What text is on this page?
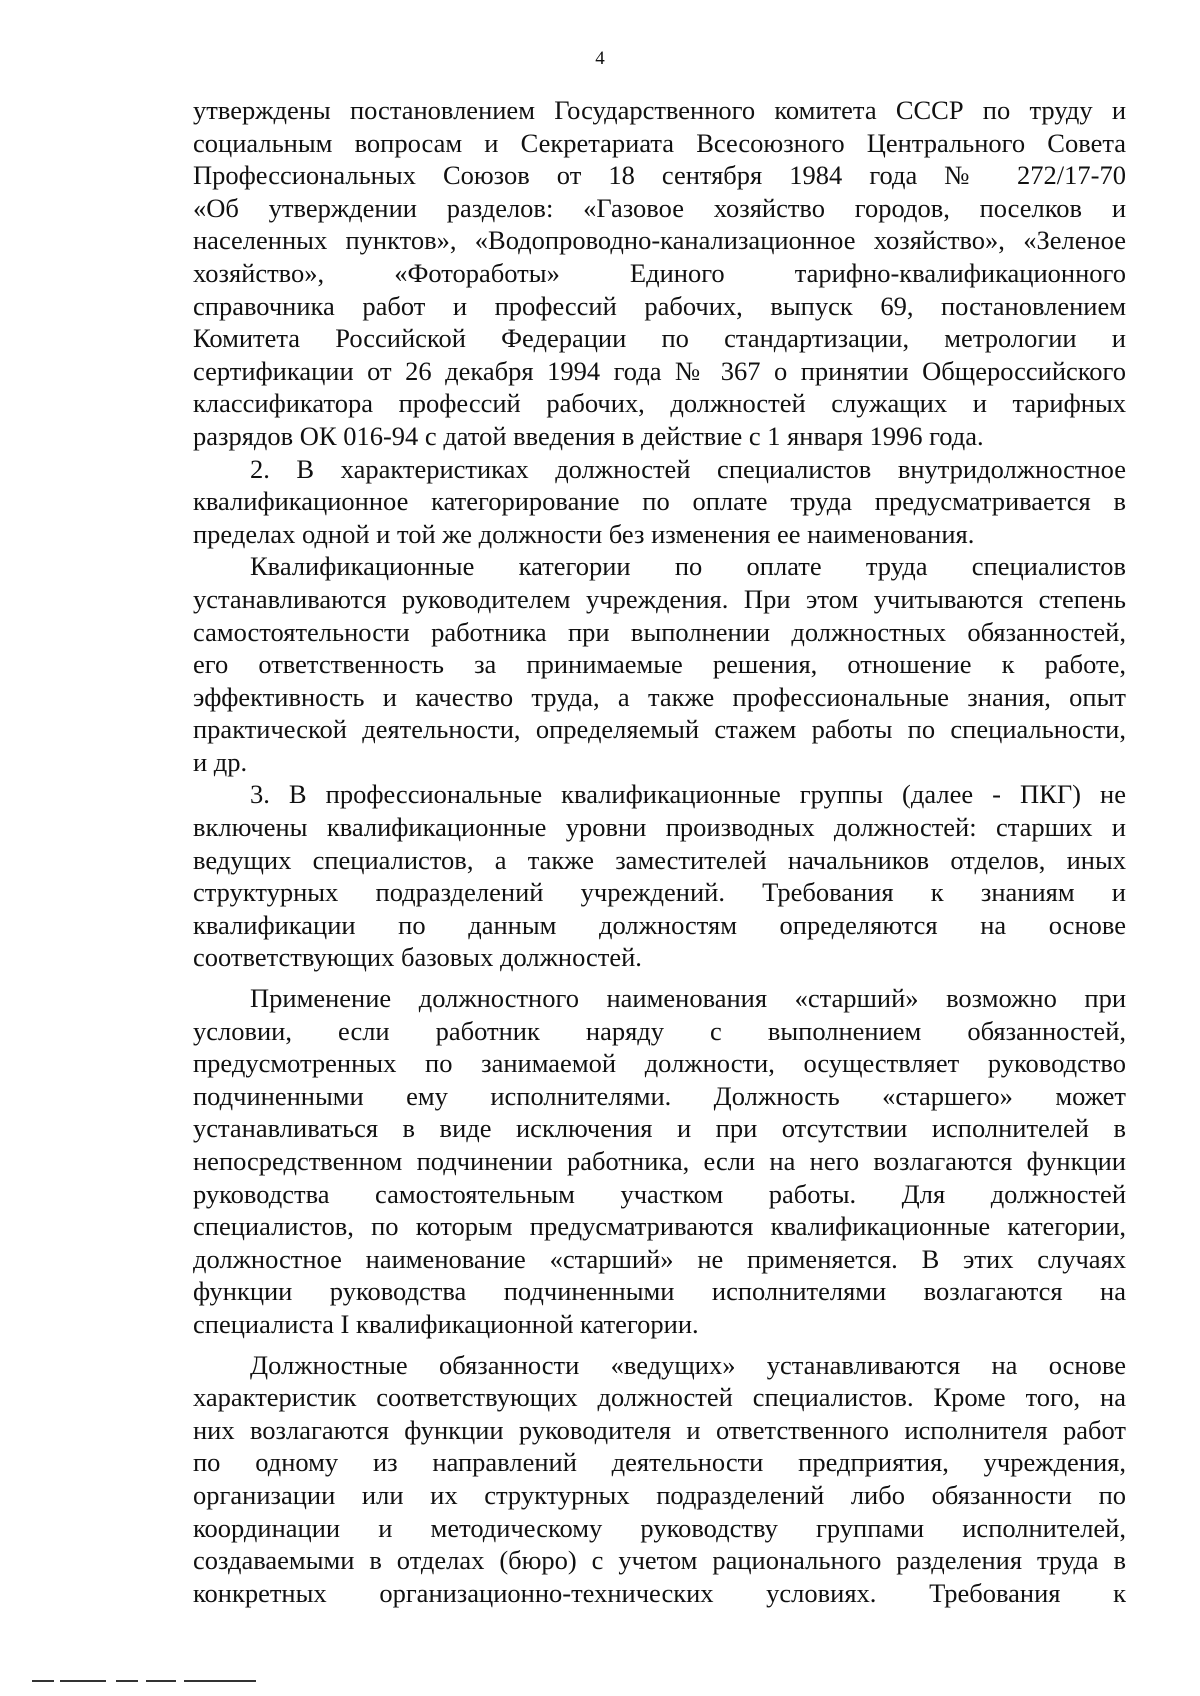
4
утверждены постановлением Государственного комитета СССР по труду и
социальным вопросам и Секретариата Всесоюзного Центрального Совета
Профессиональных Союзов от 18 сентября 1984 года № 272/17-70
«Об утверждении разделов: «Газовое хозяйство городов, поселков и
населенных пунктов», «Водопроводно-канализационное хозяйство», «Зеленое
хозяйство», «Фотоработы» Единого тарифно-квалификационного
справочника работ и профессий рабочих, выпуск 69, постановлением
Комитета Российской Федерации по стандартизации, метрологии и
сертификации от 26 декабря 1994 года № 367 о принятии Общероссийского
классификатора профессий рабочих, должностей служащих и тарифных
разрядов ОК 016-94 с датой введения в действие с 1 января 1996 года.
2. В характеристиках должностей специалистов внутридолжностное
квалификационное категорирование по оплате труда предусматривается в
пределах одной и той же должности без изменения ее наименования.
Квалификационные категории по оплате труда специалистов
устанавливаются руководителем учреждения. При этом учитываются степень
самостоятельности работника при выполнении должностных обязанностей,
его ответственность за принимаемые решения, отношение к работе,
эффективность и качество труда, а также профессиональные знания, опыт
практической деятельности, определяемый стажем работы по специальности,
и др.
3. В профессиональные квалификационные группы (далее - ПКГ) не
включены квалификационные уровни производных должностей: старших и
ведущих специалистов, а также заместителей начальников отделов, иных
структурных подразделений учреждений. Требования к знаниям и
квалификации по данным должностям определяются на основе
соответствующих базовых должностей.
Применение должностного наименования «старший» возможно при
условии, если работник наряду с выполнением обязанностей,
предусмотренных по занимаемой должности, осуществляет руководство
подчиненными ему исполнителями. Должность «старшего» может
устанавливаться в виде исключения и при отсутствии исполнителей в
непосредственном подчинении работника, если на него возлагаются функции
руководства самостоятельным участком работы. Для должностей
специалистов, по которым предусматриваются квалификационные категории,
должностное наименование «старший» не применяется. В этих случаях
функции руководства подчиненными исполнителями возлагаются на
специалиста I квалификационной категории.
Должностные обязанности «ведущих» устанавливаются на основе
характеристик соответствующих должностей специалистов. Кроме того, на
них возлагаются функции руководителя и ответственного исполнителя работ
по одному из направлений деятельности предприятия, учреждения,
организации или их структурных подразделений либо обязанности по
координации и методическому руководству группами исполнителей,
создаваемыми в отделах (бюро) с учетом рационального разделения труда в
конкретных организационно-технических условиях. Требования к
